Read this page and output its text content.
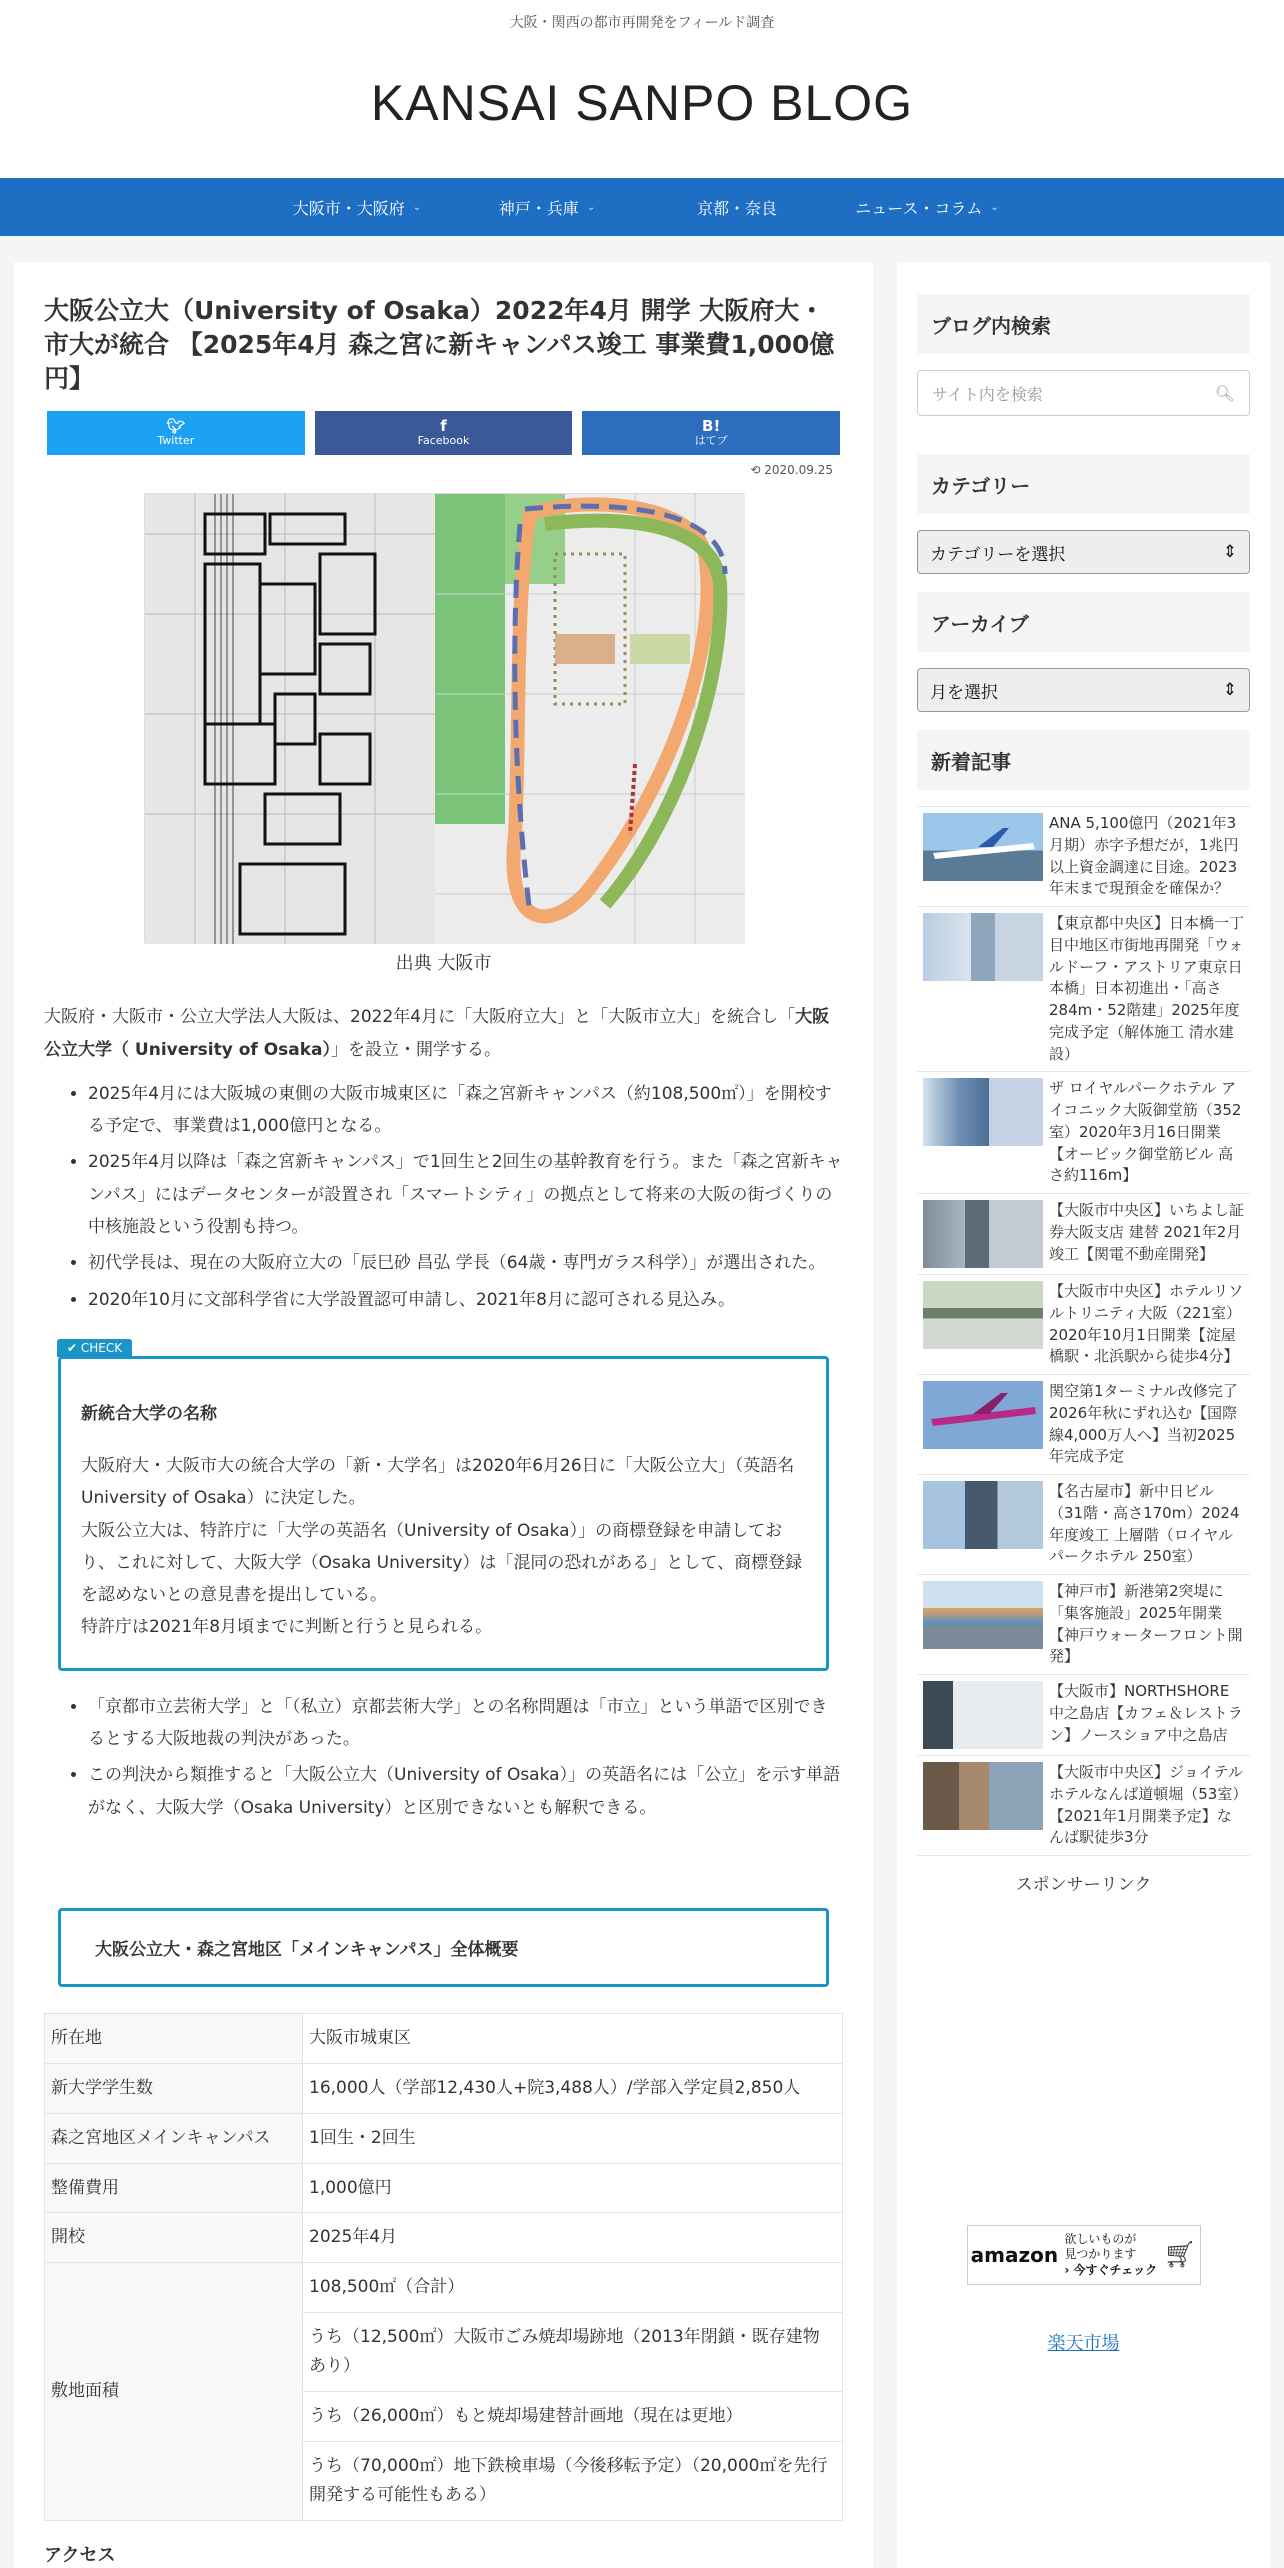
大阪・関西の都市再開発をフィールド調査
KANSAI SANPO BLOG
大阪市・大阪府 ⌄	神戸・兵庫 ⌄	京都・奈良	ニュース・コラム ⌄
大阪公立大（University of Osaka）2022年4月 開学 大阪府大・市大が統合 【2025年4月 森之宮に新キャンパス竣工 事業費1,000億円】
🐦︎
Twitter
f
Facebook
B!
はてブ
⟲ 2020.09.25
出典 大阪市

大阪府・大阪市・公立大学法人大阪は、2022年4月に「大阪府立大」と「大阪市立大」を統合し「大阪公立大学（ University of Osaka）」を設立・開学する。

• 2025年4月には大阪城の東側の大阪市城東区に「森之宮新キャンパス（約108,500㎡）」を開校する予定で、事業費は1,000億円となる。
• 2025年4月以降は「森之宮新キャンパス」で1回生と2回生の基幹教育を行う。また「森之宮新キャンパス」にはデータセンターが設置され「スマートシティ」の拠点として将来の大阪の街づくりの中核施設という役割も持つ。
• 初代学長は、現在の大阪府立大の「辰巳砂 昌弘 学長（64歳・専門ガラス科学）」が選出された。
• 2020年10月に文部科学省に大学設置認可申請し、2021年8月に認可される見込み。
✔ CHECK
新統合大学の名称

大阪府大・大阪市大の統合大学の「新・大学名」は2020年6月26日に「大阪公立大」（英語名 University of Osaka）に決定した。

大阪公立大は、特許庁に「大学の英語名（University of Osaka）」の商標登録を申請しており、これに対して、大阪大学（Osaka University）は「混同の恐れがある」として、商標登録を認めないとの意見書を提出している。

特許庁は2021年8月頃までに判断と行うと見られる。

• 「京都市立芸術大学」と「（私立）京都芸術大学」との名称問題は「市立」という単語で区別できるとする大阪地裁の判決があった。
• この判決から類推すると「大阪公立大（University of Osaka）」の英語名には「公立」を示す単語がなく、大阪大学（Osaka University）と区別できないとも解釈できる。
大阪公立大・森之宮地区「メインキャンパス」全体概要
所在地	大阪市城東区
新大学学生数	16,000人（学部12,430人+院3,488人）/学部入学定員2,850人
森之宮地区メインキャンパス	1回生・2回生
整備費用	1,000億円
開校	2025年4月
敷地面積	108,500㎡（合計）
	うち（12,500㎡）大阪市ごみ焼却場跡地（2013年閉鎖・既存建物あり）
	うち（26,000㎡）もと焼却場建替計画地（現在は更地）
	うち（70,000㎡）地下鉄検車場（今後移転予定）（20,000㎡を先行開発する可能性もある）
アクセス
ブログ内検索
サイト内を検索	🔍︎
カテゴリー
カテゴリーを選択	⇕
アーカイブ
月を選択	⇕
新着記事
ANA 5,100億円（2021年3月期）赤字予想だが，1兆円以上資金調達に目途。2023年末まで現預金を確保か？
【東京都中央区】日本橋一丁目中地区市街地再開発「ウォルドーフ・アストリア東京日本橋」日本初進出・「高さ284m・52階建」2025年度完成予定（解体施工 清水建設）
ザ ロイヤルパークホテル アイコニック大阪御堂筋（352室）2020年3月16日開業【オービック御堂筋ビル 高さ約116m】
【大阪市中央区】いちよし証券大阪支店 建替 2021年2月竣工【関電不動産開発】
【大阪市中央区】ホテルリソルトリニティ大阪（221室）2020年10月1日開業【淀屋橋駅・北浜駅から徒歩4分】
関空第1ターミナル改修完了 2026年秋にずれ込む【国際線4,000万人へ】当初2025年完成予定
【名古屋市】新中日ビル（31階・高さ170m）2024年度竣工 上層階（ロイヤルパークホテル 250室）
【神戸市】新港第2突堤に「集客施設」2025年開業【神戸ウォーターフロント開発】
【大阪市】NORTHSHORE中之島店【カフェ＆レストラン】ノースショア中之島店
【大阪市中央区】ジョイテルホテルなんば道頓堀（53室）【2021年1月開業予定】なんば駅徒歩3分
スポンサーリンク
amazon
欲しいものが
見つかります
› 今すぐチェック 🛒︎
楽天市場
